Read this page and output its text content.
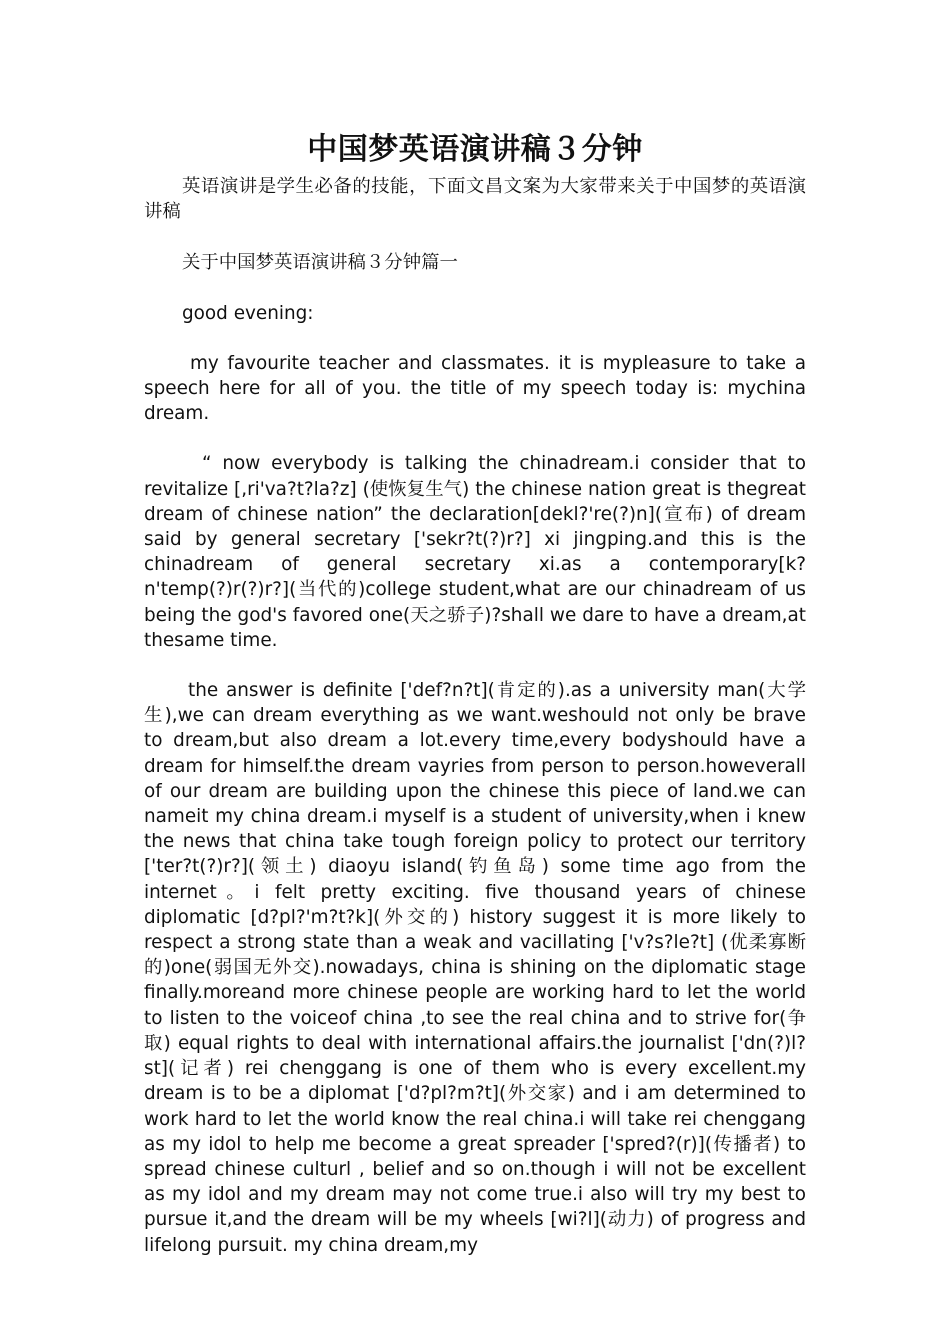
中国梦英语演讲稿３分钟

英语演讲是学生必备的技能，下面文昌文案为大家带来关于中国梦的英语演讲稿

关于中国梦英语演讲稿３分钟篇一

good evening:

my favourite teacher and classmates. it is mypleasure to take a speech here for all of you. the title of my speech today is: mychina dream.

“ now everybody is talking the chinadream.i consider that to revitalize [,ri'va?t?la?z] (使恢复生气) the chinese nation great is thegreat dream of chinese nation” the declaration[dekl?'re(?)n](宣布) of dream said by general secretary ['sekr?t(?)r?] xi jingping.and this is the chinadream of general secretary xi.as a contemporary[k?n'temp(?)r(?)r?](当代的)college student,what are our chinadream of us being the god's favored one(天之骄子)?shall we dare to have a dream,at thesame time.

the answer is definite ['def?n?t](肯定的).as a university man(大学生),we can dream everything as we want.weshould not only be brave to dream,but also dream a lot.every time,every bodyshould have a dream for himself.the dream vayries from person to person.howeverall of our dream are building upon the chinese this piece of land.we can nameit my china dream.i myself is a student of university,when i knew the news that china take tough foreign policy to protect our territory ['ter?t(?)r?](领土) diaoyu island(钓鱼岛) some time ago from the internet。i felt pretty exciting. five thousand years of chinese diplomatic [d?pl?'m?t?k](外交的) history suggest it is more likely to respect a strong state than a weak and vacillating ['v?s?le?t] (优柔寡断的)one(弱国无外交).nowadays, china is shining on the diplomatic stage finally.moreand more chinese people are working hard to let the world to listen to the voiceof china ,to see the real china and to strive for(争取) equal rights to deal with international affairs.the journalist ['dn(?)l?st](记者) rei chenggang is one of them who is every excellent.my dream is to be a diplomat ['d?pl?m?t](外交家) and i am determined to work hard to let the world know the real china.i will take rei chenggang as my idol to help me become a great spreader ['spred?(r)](传播者) to spread chinese culturl , belief and so on.though i will not be excellent as my idol and my dream may not come true.i also will try my best to pursue it,and the dream will be my wheels [wi?l](动力) of progress and lifelong pursuit. my china dream,my
